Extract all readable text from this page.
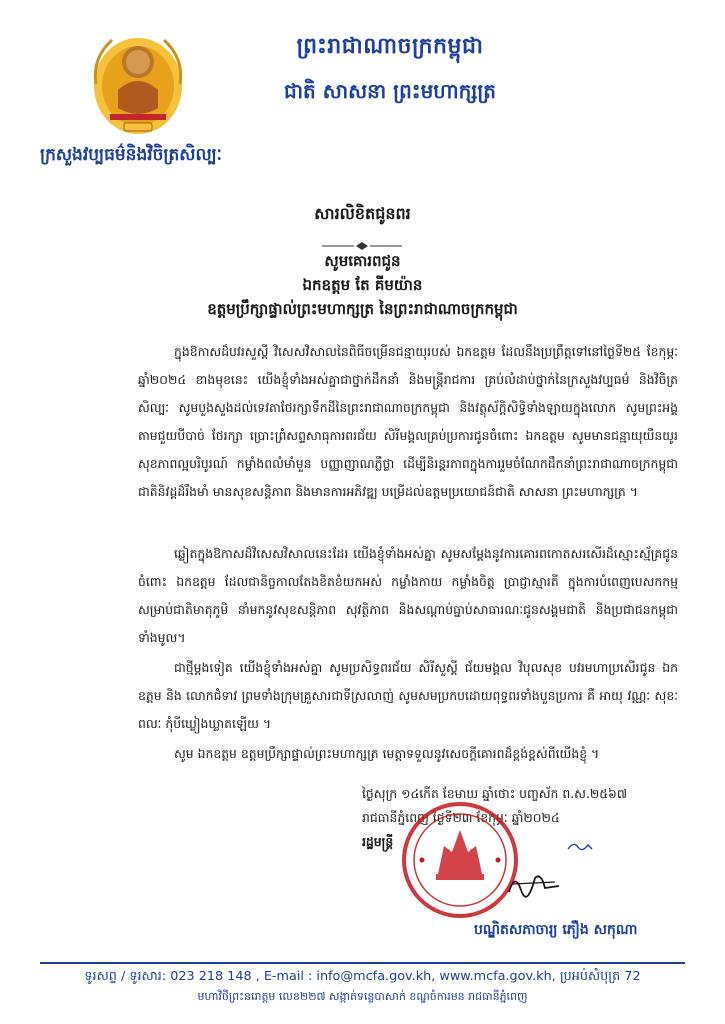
ព្រះរាជាណាចក្រកម្ពុជា
ជាតិ សាសនា ព្រះមហាក្សត្រ
ក្រសួងវប្បធម៌និងវិចិត្រសិល្បៈ
សារលិខិតជូនពរ
សូមគោរពជូន
ឯកឧត្តម តែ គីមយ៉ាន
ឧត្តមប្រឹក្សាផ្ទាល់ព្រះមហាក្សត្រ នៃព្រះរាជាណាចក្រកម្ពុជា
ក្នុងឱកាសដ៏បវរសួស្តី វិសេសវិសាលនៃពិធីចម្រើនជន្មាយុរបស់ ឯកឧត្តម ដែលនឹងប្រព្រឹត្តទៅនៅថ្ងៃទី២៥ ខែកុម្ភៈ ឆ្នាំ២០២៤ ខាងមុខនេះ យើងខ្ញុំទាំងអស់គ្នាជាថ្នាក់ដឹកនាំ និងមន្ត្រីរាជការ គ្រប់លំដាប់ថ្នាក់នៃក្រសួងវប្បធម៌ និងវិចិត្រសិល្បៈ សូមបួងសួងដល់ទេវតាថែរក្សាទឹកដីនៃព្រះរាជាណាចក្រកម្ពុជា និងវត្ថុស័ក្តិសិទ្ធិទាំងឡាយក្នុងលោក សូមព្រះអង្គតាមជួយបីបាច់ ថែរក្សា ប្រោះព្រំសព្ទសាធុការពរជ័យ សិរីមង្គលគ្រប់ប្រការជូនចំពោះ ឯកឧត្តម សូមមានជន្មាយុយឺនយូរ សុខភាពល្អបរិបូរណ៍ កម្លាំងពលំមាំមួន បញ្ញាញាណភ្លឺថ្លា ដើម្បីនិរន្តរភាពក្នុងការរួមចំណែកដឹកនាំព្រះរាជាណាចក្រកម្ពុជា ជាតិនិវដ្តដ៏រឹងមាំ មានសុខសន្តិភាព និងមានការអភិវឌ្ឍ បម្រើដល់ឧត្តមប្រយោជន៍ជាតិ សាសនា ព្រះមហាក្សត្រ ។
ឆ្លៀតក្នុងឱកាសដ៏វិសេសវិសាលនេះដែរ យើងខ្ញុំទាំងអស់គ្នា សូមសម្តែងនូវការគោរពកោតសរសើរដ៏ស្មោះស្ម័គ្រជូនចំពោះ ឯកឧត្តម ដែលជានិច្ចកាលតែងខិតខំយកអស់ កម្លាំងកាយ កម្លាំងចិត្ត ប្រាជ្ញាស្មារតី ក្នុងការបំពេញបេសកកម្មសម្រាប់ជាតិមាតុភូមិ នាំមកនូវសុខសន្តិភាព សុវត្ថិភាព និងសណ្តាប់ធ្នាប់សាធារណៈជូនសង្គមជាតិ និងប្រជាជនកម្ពុជាទាំងមូល។
ជាថ្មីម្តងទៀត យើងខ្ញុំទាំងអស់គ្នា សូមប្រសិទ្ធពរជ័យ សិរីសួស្តី ជ័យមង្គល វិបុលសុខ បវរមហាប្រសើរជូន ឯកឧត្តម និង លោកជំទាវ ព្រមទាំងក្រុមគ្រួសារជាទីស្រលាញ់ សូមសមប្រកបដោយពុទ្ធពរទាំងបួនប្រការ គឺ អាយុ វណ្ណៈ សុខៈ ពលៈ កុំបីឃ្លៀងឃ្លាតឡើយ ។
សូម ឯកឧត្តម ឧត្តមប្រឹក្សាផ្ទាល់ព្រះមហាក្សត្រ មេត្តាទទួលនូវសេចក្តីគោរពដ៏ខ្ពង់ខ្ពស់ពីយើងខ្ញុំ ។
ថ្ងៃសុក្រ ១៤កើត ខែមាឃ ឆ្នាំថោះ បញ្ចស័ក ព.ស.២៥៦៧
រាជធានីភ្នំពេញ ថ្ងៃទី២៣ ខែកុម្ភៈ ឆ្នាំ២០២៤
រដ្ឋមន្ត្រី
បណ្ឌិតសភាចារ្យ ភឿង សកុណា
ទូរសព្ទ / ទូរសារ: 023 218 148 , E-mail : info@mcfa.gov.kh, www.mcfa.gov.kh, ប្រអប់សំបុត្រ 72
មហាវិថីព្រះនរោត្តម លេខ២២៧ សង្កាត់ទន្លេបាសាក់ ខណ្ឌចំការមន រាជធានីភ្នំពេញ
